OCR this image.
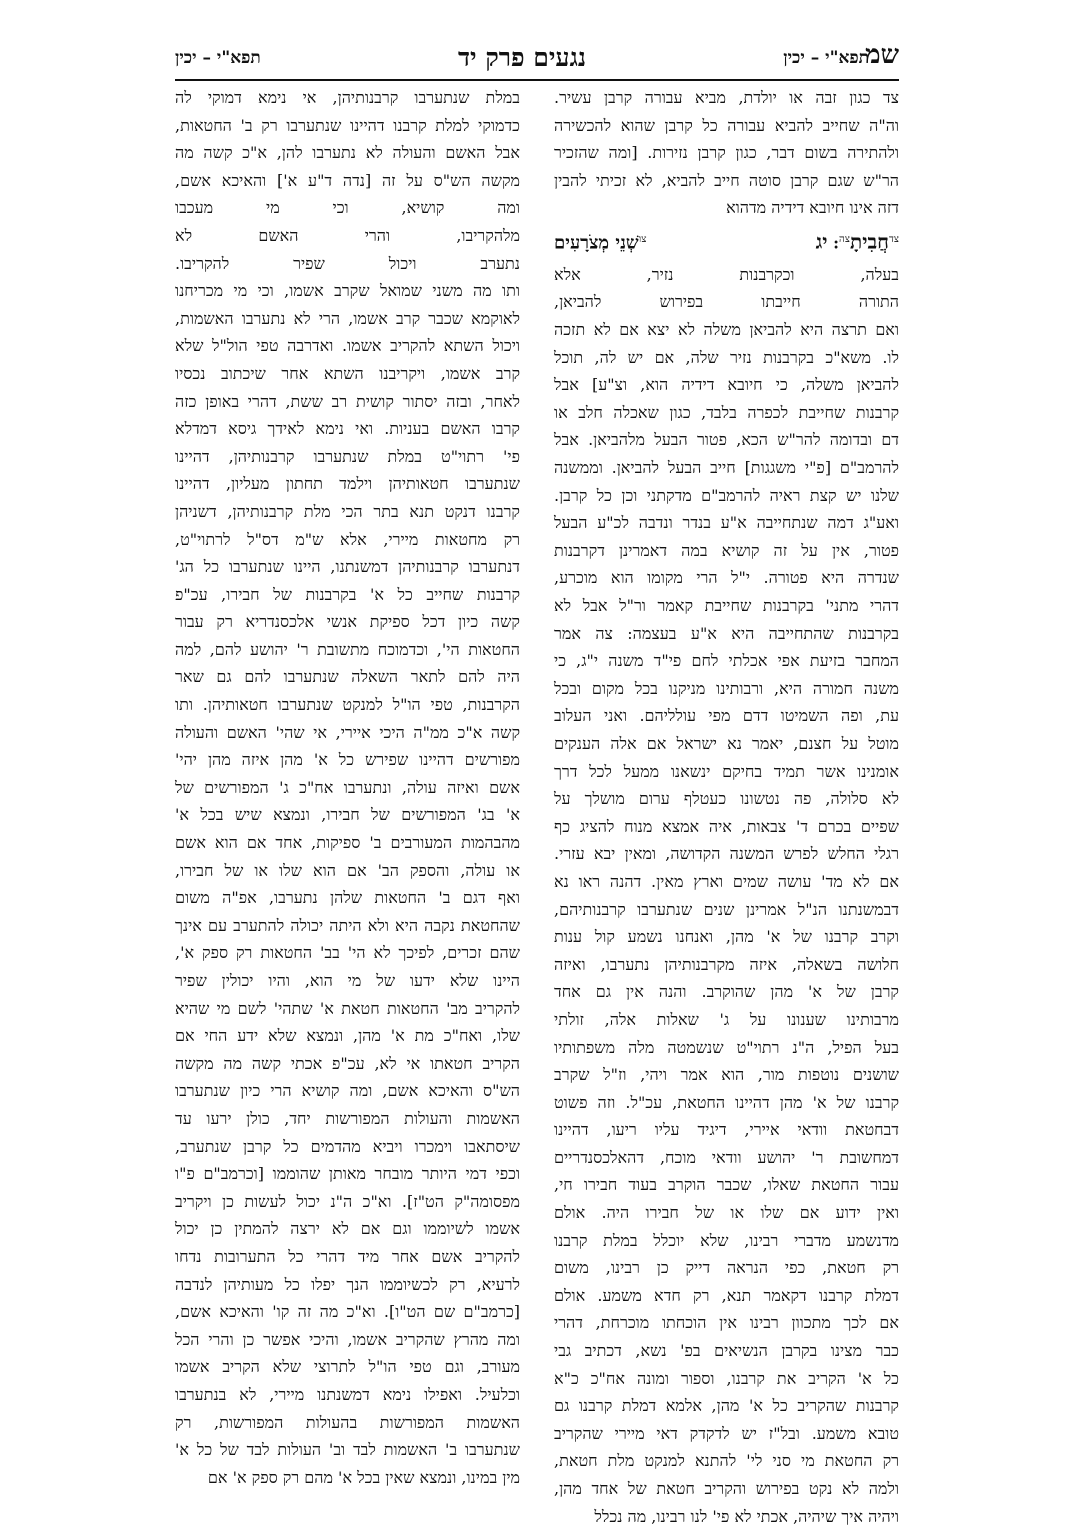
תפא"י – יכין
נגעים פרק יד
תפא"י – יכין	שמ
צד כגון זבה או יולדת, מביא עבורה קרבן עשיר.
וה"ה שחייב להביא עבורה כל קרבן שהוא להכשירה
ולהתירה בשום דבר, כגון קרבן נזירות. [ומה שהזכיר
הר"ש שגם קרבן סוטה חייב להביא, לא זכיתי להבין
דזה אינו חיובא דידיה מדהוא
$^{צד}$חֲבִיתָ$^{צה}$: יג
$^{צו}$שְׁנֵי מְצֹרָעִים
בעלה, וכקרבנות נזיר, אלא
התורה חייבתו בפירוש להביאן,
ואם תרצה היא להביאן משלה לא יצא אם לא תזכה
לו. משא"כ בקרבנות נזיר שלה, אם יש לה, תוכל
להביאן משלה, כי חיובא דידיה הוא, וצ"ע] אבל
קרבנות שחייבת לכפרה בלבד, כגון שאכלה חלב או
דם ובדומה להר"ש הכא, פטור הבעל מלהביאן. אבל
להרמב"ם [פ"י משגגות] חייב הבעל להביאן. וממשנה
שלנו יש קצת ראיה להרמב"ם מדקתני וכן כל קרבן.
ואע"ג דמה שנתחייבה א"ע בנדר ונדבה לכ"ע הבעל
פטור, אין על זה קושיא במה דאמרינן דקרבנות
שנדרה היא פטורה. י"ל הרי מקומו הוא מוכרע,
דהרי מתני' בקרבנות שחייבת קאמר ור"ל אבל לא
בקרבנות שהתחייבה היא א"ע בעצמה: צה אמר
המחבר בזיעת אפי אכלתי לחם פי"ד משנה י"ג, כי
משנה חמורה היא, ורבותינו מניקנו בכל מקום ובכל
עת, ופה השמיטו דדם מפי עולליהם. ואני העלוב
מוטל על חצנם, יאמר נא ישראל אם אלה הענקים
אומנינו אשר תמיד בחיקם ינשאנו ממעל לכל דרך
לא סלולה, פה נטשונו כעטלף ערום מושלך על
שפיים בכרם ד' צבאות, איה אמצא מנוח להציג כף
רגלי החלש לפרש המשנה הקדושה, ומאין יבא עזרי.
אם לא מד' עושה שמים וארץ מאין. דהנה ראו נא
דבמשנתנו הנ"ל אמרינן שנים שנתערבו קרבנותיהם,
וקרב קרבנו של א' מהן, ואנחנו נשמע קול ענות
חלושה בשאלה, איזה מקרבנותיהן נתערבו, ואיזה
קרבן של א' מהן שהוקרב. והנה אין גם אחד
מרבותינו שענונו על ג' שאלות אלה, זולתי
בעל הפיל, ה"נ רתוי"ט שנשמטה מלה משפתותיו
שושנים נוטפות מור, הוא אמר ויהי, וז"ל שקרב
קרבנו של א' מהן דהיינו החטאת, עכ"ל. וזה פשוט
דבחטאת וודאי איירי, דיגיד עליו ריעו, דהיינו
דמחשובת ר' יהושע וודאי מוכח, דהאלכסנדריים
עבור החטאת שאלו, שכבר הוקרב בעוד חבירו חי,
ואין ידוע אם שלו או של חבירו היה. אולם
מדנשמע מדברי רבינו, שלא יוכלל במלת קרבנו
רק חטאת, כפי הנראה דייק כן רבינו, משום
דמלת קרבנו דקאמר תנא, רק חדא משמע. אולם
אם לכך מתכוון רבינו אין הוכחתו מוכרחת, דהרי
כבר מצינו בקרבן הנשיאים בפ' נשא, דכתיב גבי
כל א' הקריב את קרבנו, וספור ומונה אח"כ כ"א
קרבנות שהקריב כל א' מהן, אלמא דמלת קרבנו גם
טובא משמע. ובל"ז יש לדקדק דאי מיירי שהקריב
רק החטאת מי סני לי' להתנא למנקט מלת חטאת,
ולמה לא נקט בפירוש והקריב חטאת של אחד מהן,
ויהיה איך שיהיה, אכתי לא פי' לנו רבינו, מה נכלל
במלת שנתערבו קרבנותיהן, אי נימא דמוקי לה
כדמוקי למלת קרבנו דהיינו שנתערבו רק ב' החטאות,
אבל האשם והעולה לא נתערבו להן, א"כ קשה מה
מקשה הש"ס על זה [נדה ד"ע א'] והאיכא אשם,
ומה קושיא, וכי מי מעכבו
מלהקריבו, והרי האשם לא
נתערב ויכול שפיר להקריבו.
ותו מה משני שמואל שקרב אשמו, וכי מי מכריחנו
לאוקמא שכבר קרב אשמו, הרי לא נתערבו האשמות,
ויכול השתא להקריב אשמו. ואדרבה טפי הול"ל שלא
קרב אשמו, ויקריבנו השתא אחר שיכתוב נכסיו
לאחר, ובזה יסתור קושית רב ששת, דהרי באופן כזה
קרבו האשם בעניות. ואי נימא לאידך גיסא דמדלא
פי' רתוי"ט במלת שנתערבו קרבנותיהן, דהיינו
שנתערבו חטאותיהן וילמד תחתון מעליון, דהיינו
קרבנו דנקט תנא בתר הכי מלת קרבנותיהן, דשניהן
רק מחטאות מיירי, אלא ש"מ דס"ל לרתוי"ט,
דנתערבו קרבנותיהן דמשנתנו, היינו שנתערבו כל הג'
קרבנות שחייב כל א' בקרבנות של חבירו, עכ"פ
קשה כיון דכל ספיקת אנשי אלכסנדריא רק עבור
החטאות הי', וכדמוכח מתשובת ר' יהושע להם, למה
היה להם לתאר השאלה שנתערבו להם גם שאר
הקרבנות, טפי הו"ל למנקט שנתערבו חטאותיהן. ותו
קשה א"כ ממ"ה היכי איירי, אי שהי' האשם והעולה
מפורשים דהיינו שפירש כל א' מהן איזה מהן יהי'
אשם ואיזה עולה, ונתערבו אח"כ ג' המפורשים של
א' בג' המפורשים של חבירו, ונמצא שיש בכל א'
מהבהמות המעורבים ב' ספיקות, אחד אם הוא אשם
או עולה, והספק הב' אם הוא שלו או של חבירו,
ואף דגם ב' החטאות שלהן נתערבו, אפ"ה משום
שהחטאת נקבה היא ולא היתה יכולה להתערב עם אינך
שהם זכרים, לפיכך לא הי' בב' החטאות רק ספק א',
היינו שלא ידעו של מי הוא, והיו יכולין שפיר
להקריב מב' החטאות חטאת א' שתהי' לשם מי שהיא
שלו, ואח"כ מת א' מהן, ונמצא שלא ידע החי אם
הקריב חטאתו אי לא, עכ"פ אכתי קשה מה מקשה
הש"ס והאיכא אשם, ומה קושיא הרי כיון שנתערבו
האשמות והעולות המפורשות יחד, כולן ירעו עד
שיסתאבו וימכרו ויביא מהדמים כל קרבן שנתערב,
וכפי דמי היותר מובחר מאותן שהוממו [וכרמב"ם פ"ו
מפסומה"ק הט"ז]. וא"כ ה"נ יכול לעשות כן ויקריב
אשמו לשיוממו וגם אם לא ירצה להמתין כן יכול
להקריב אשם אחר מיד דהרי כל התערובות נדחו
לרעיא, רק לכשיוממו הנך יפלו כל מעותיהן לנדבה
[כרמב"ם שם הט"ו]. וא"כ מה זה קו' והאיכא אשם,
ומה מהרץ שהקריב אשמו, והיכי אפשר כן והרי הכל
מעורב, וגם טפי הו"ל לתרוצי שלא הקריב אשמו
וכלעיל. ואפילו נימא דמשנתנו מיירי, לא בנתערבו
האשמות המפורשות בהעולות המפורשות, רק
שנתערבו ב' האשמות לבד וב' העולות לבד של כל א'
מין במינו, ונמצא שאין בכל א' מהם רק ספק א' אם
